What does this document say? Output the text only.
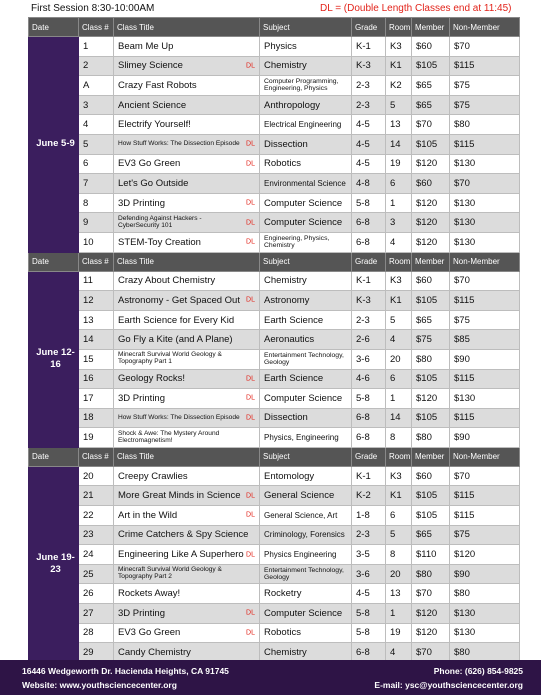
First Session 8:30-10:00AM	DL = (Double Length Classes end at 11:45)
Date	Class #	Class Title	Subject	Grade	Room	Member	Non-Member
June 5-9	1	Beam Me Up	Physics	K-1	K3	$60	$70
	2	Slimey Science DL	Chemistry	K-3	K1	$105	$115
	A	Crazy Fast Robots	Computer Programming, Engineering, Physics	2-3	K2	$65	$75
	3	Ancient Science	Anthropology	2-3	5	$65	$75
	4	Electrify Yourself!	Electrical Engineering	4-5	13	$70	$80
	5	How Stuff Works: The Dissection Episode DL	Dissection	4-5	14	$105	$115
	6	EV3 Go Green DL	Robotics	4-5	19	$120	$130
	7	Let's Go Outside	Environmental Science	4-8	6	$60	$70
	8	3D Printing DL	Computer Science	5-8	1	$120	$130
	9	Defending Against Hackers - CyberSecurity 101 DL	Computer Science	6-8	3	$120	$130
	10	STEM-Toy Creation DL	Engineering, Physics, Chemistry	6-8	4	$120	$130
Date	Class #	Class Title	Subject	Grade	Room	Member	Non-Member
June 12-16	11	Crazy About Chemistry	Chemistry	K-1	K3	$60	$70
	12	Astronomy - Get Spaced Out DL	Astronomy	K-3	K1	$105	$115
	13	Earth Science for Every Kid	Earth Science	2-3	5	$65	$75
	14	Go Fly a Kite (and A Plane)	Aeronautics	2-6	4	$75	$85
	15	Minecraft Survival World Geology & Topography Part 1	Entertainment Technology, Geology	3-6	20	$80	$90
	16	Geology Rocks! DL	Earth Science	4-6	6	$105	$115
	17	3D Printing DL	Computer Science	5-8	1	$120	$130
	18	How Stuff Works: The Dissection Episode DL	Dissection	6-8	14	$105	$115
	19	Shock & Awe: The Mystery Around Electromagnetism!	Physics, Engineering	6-8	8	$80	$90
Date	Class #	Class Title	Subject	Grade	Room	Member	Non-Member
June 19-23	20	Creepy Crawlies	Entomology	K-1	K3	$60	$70
	21	More Great Minds in Science DL	General Science	K-2	K1	$105	$115
	22	Art in the Wild DL	General Science, Art	1-8	6	$105	$115
	23	Crime Catchers & Spy Science	Criminology, Forensics	2-3	5	$65	$75
	24	Engineering Like A Superhero DL	Physics Engineering	3-5	8	$110	$120
	25	Minecraft Survival World Geology & Topography Part 2	Entertainment Technology, Geology	3-6	20	$80	$90
	26	Rockets Away!	Rocketry	4-5	13	$70	$80
	27	3D Printing DL	Computer Science	5-8	1	$120	$130
	28	EV3 Go Green DL	Robotics	5-8	19	$120	$130
	29	Candy Chemistry	Chemistry	6-8	4	$70	$80
16446 Wedgeworth Dr. Hacienda Heights, CA 91745
Website: www.youthsciencecenter.org
Phone: (626) 854-9825
E-mail: ysc@youthsciencecenter.org
